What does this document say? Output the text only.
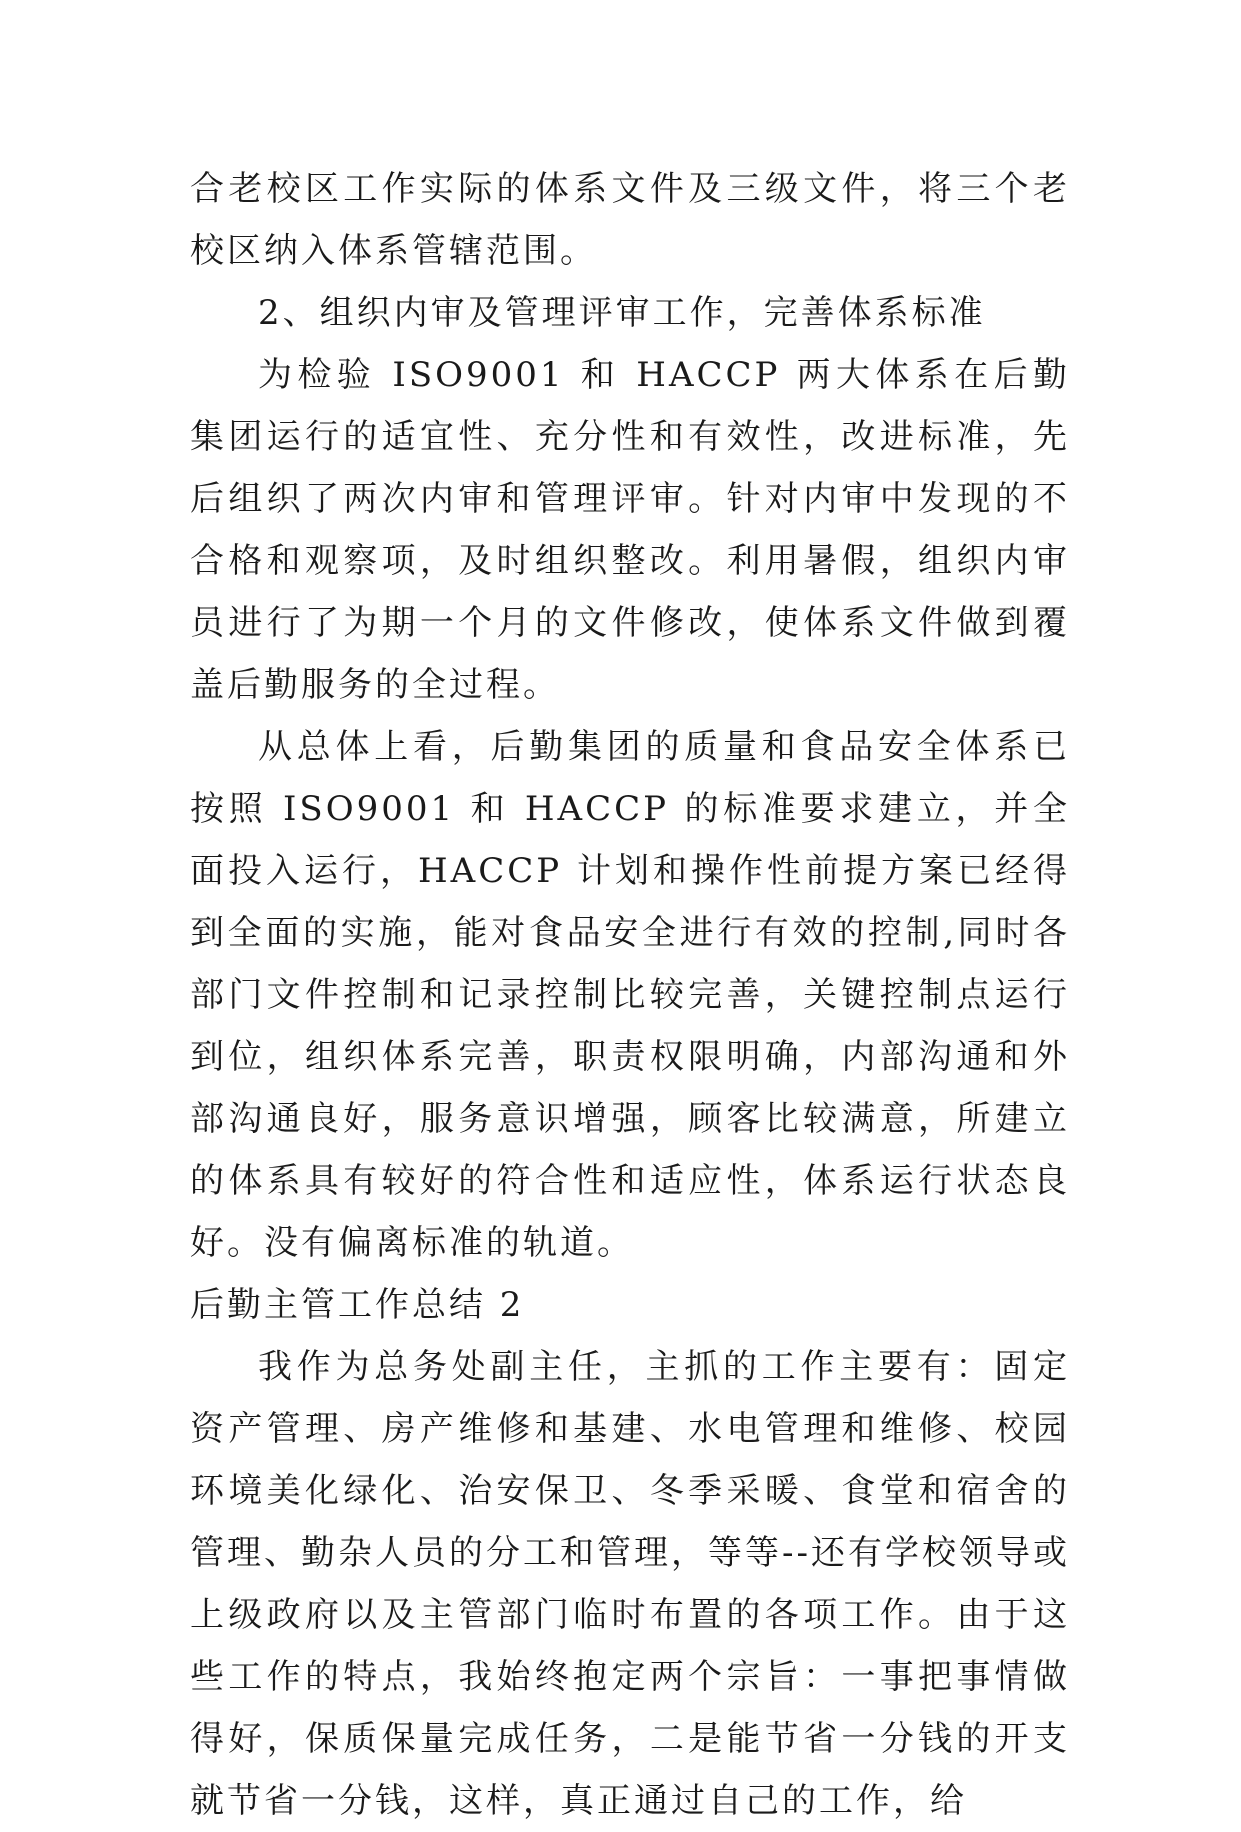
合老校区工作实际的体系文件及三级文件，将三个老校区纳入体系管辖范围。

2、组织内审及管理评审工作，完善体系标准

为检验 ISO9001 和 HACCP 两大体系在后勤集团运行的适宜性、充分性和有效性，改进标准，先后组织了两次内审和管理评审。针对内审中发现的不合格和观察项，及时组织整改。利用暑假，组织内审员进行了为期一个月的文件修改，使体系文件做到覆盖后勤服务的全过程。

从总体上看，后勤集团的质量和食品安全体系已按照 ISO9001 和 HACCP 的标准要求建立，并全面投入运行，HACCP 计划和操作性前提方案已经得到全面的实施，能对食品安全进行有效的控制,同时各部门文件控制和记录控制比较完善，关键控制点运行到位，组织体系完善，职责权限明确，内部沟通和外部沟通良好，服务意识增强，顾客比较满意，所建立的体系具有较好的符合性和适应性，体系运行状态良好。没有偏离标准的轨道。

后勤主管工作总结 2

我作为总务处副主任，主抓的工作主要有：固定资产管理、房产维修和基建、水电管理和维修、校园环境美化绿化、治安保卫、冬季采暖、食堂和宿舍的管理、勤杂人员的分工和管理，等等--还有学校领导或上级政府以及主管部门临时布置的各项工作。由于这些工作的特点，我始终抱定两个宗旨：一事把事情做得好，保质保量完成任务，二是能节省一分钱的开支就节省一分钱，这样，真正通过自己的工作，给
